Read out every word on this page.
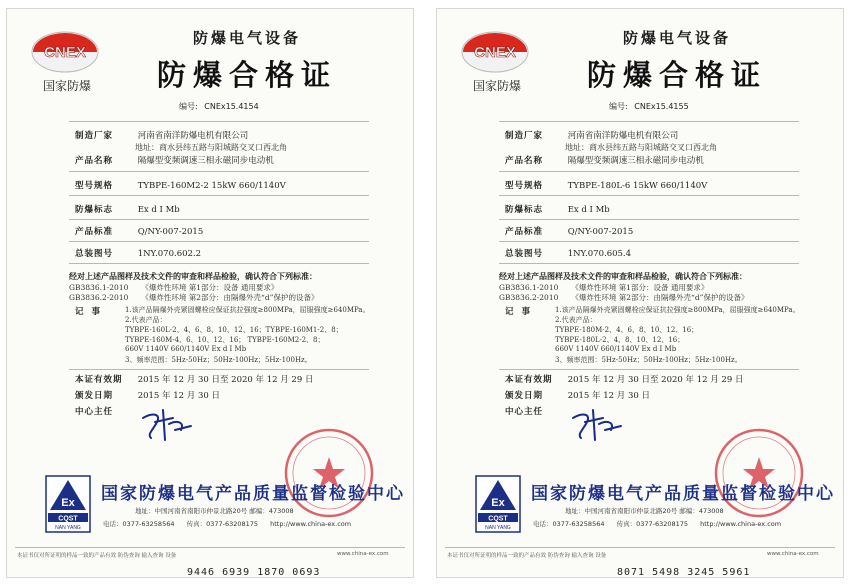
CNEX
国家防爆
防爆电气设备
防爆合格证
编号: CNEx15.4154
制造厂家	河南省南洋防爆电机有限公司
地址：商水县纬五路与阳城路交叉口西北角
产品名称	隔爆型变频调速三相永磁同步电动机
型号规格	TYBPE-160M2-2 15kW 660/1140V
防爆标志	Ex d I Mb
产品标准	Q/NY-007-2015
总装图号	1NY.070.602.2
经对上述产品图样及技术文件的审查和样品检验，确认符合下列标准：
GB3836.1-2010 《爆炸性环境 第1部分：设备 通用要求》
GB3836.2-2010 《爆炸性环境 第2部分：由隔爆外壳“d”保护的设备》
记事 1.该产品隔爆外壳紧固螺栓应保证抗拉强度≥800MPa，屈服强度≥640MPa。
2.代表产品：
TYBPE-160L-2、4、6、8、10、12、16；TYBPE-160M1-2、8；
TYBPE-160M-4、6、10、12、16； TYBPE-160M2-2、8；
660V 1140V 660/1140V Ex d I Mb
3、频率范围：5Hz-50Hz；50Hz-100Hz；5Hz-100Hz。
本证有效期 2015 年 12 月 30 日至 2020 年 12 月 29 日
颁发日期	2015 年 12 月 30 日
中心主任
Ex
CQST
NAN YANG
国家防爆电气产品质量监督检验中心
地址：中国河南省南阳市仲景北路20号 邮编：473008
电话：0377-63258564 传真：0377-63208175 http://www.china-ex.com
本证书仅对所证明的样品一致的产品有效 防伪查询 输入查询 设备	www.china-ex.com
9446 6939 1870 0693
CNEX
国家防爆
防爆电气设备
防爆合格证
编号: CNEx15.4155
制造厂家	河南省南洋防爆电机有限公司
地址：商水县纬五路与阳城路交叉口西北角
产品名称	隔爆型变频调速三相永磁同步电动机
型号规格	TYBPE-180L-6 15kW 660/1140V
防爆标志	Ex d I Mb
产品标准	Q/NY-007-2015
总装图号	1NY.070.605.4
经对上述产品图样及技术文件的审查和样品检验，确认符合下列标准：
GB3836.1-2010 《爆炸性环境 第1部分：设备 通用要求》
GB3836.2-2010 《爆炸性环境 第2部分：由隔爆外壳“d”保护的设备》
记事 1.该产品隔爆外壳紧固螺栓应保证抗拉强度≥800MPa，屈服强度≥640MPa。
2.代表产品：
TYBPE-180M-2、4、6、8、10、12、16；
TYBPE-180L-2、4、8、10、12、16；
660V 1140V 660/1140V Ex d I Mb
3、频率范围：5Hz-50Hz；50Hz-100Hz；5Hz-100Hz。
本证有效期 2015 年 12 月 30 日至 2020 年 12 月 29 日
颁发日期	2015 年 12 月 30 日
中心主任
Ex
CQST
NAN YANG
国家防爆电气产品质量监督检验中心
地址：中国河南省南阳市仲景北路20号 邮编：473008
电话：0377-63258564 传真：0377-63208175 http://www.china-ex.com
本证书仅对所证明的样品一致的产品有效 防伪查询 输入查询 设备	www.china-ex.com
8071 5498 3245 5961
